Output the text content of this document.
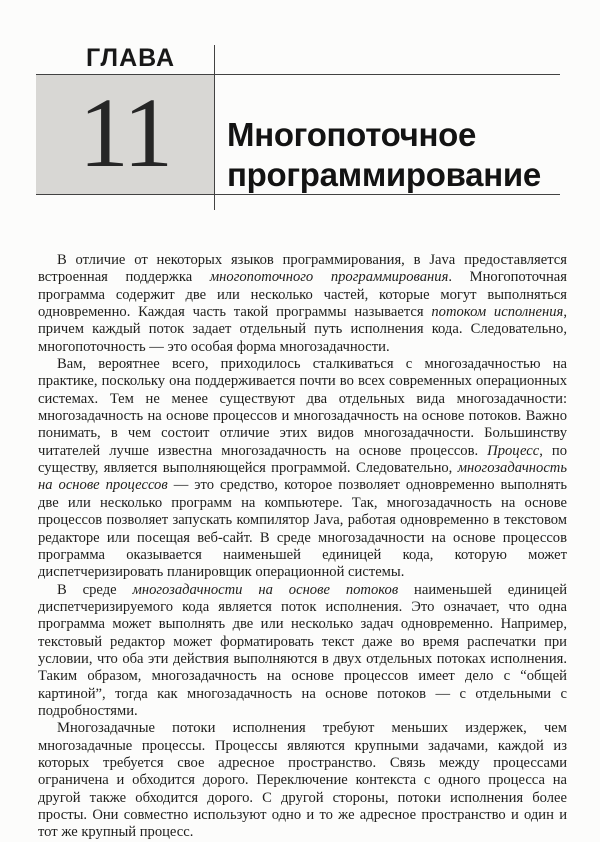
ГЛАВА
11 Многопоточное программирование

В отличие от некоторых языков программирования, в Java предоставляется встроенная поддержка многопоточного программирования. Многопоточная программа содержит две или несколько частей, которые могут выполняться одновременно. Каждая часть такой программы называется потоком исполнения, причем каждый поток задает отдельный путь исполнения кода. Следовательно, многопоточность — это особая форма многозадачности.

Вам, вероятнее всего, приходилось сталкиваться с многозадачностью на практике, поскольку она поддерживается почти во всех современных операционных системах. Тем не менее существуют два отдельных вида многозадачности: многозадачность на основе процессов и многозадачность на основе потоков. Важно понимать, в чем состоит отличие этих видов многозадачности. Большинству читателей лучше известна многозадачность на основе процессов. Процесс, по существу, является выполняющейся программой. Следовательно, многозадачность на основе процессов — это средство, которое позволяет одновременно выполнять две или несколько программ на компьютере. Так, многозадачность на основе процессов позволяет запускать компилятор Java, работая одновременно в текстовом редакторе или посещая веб-сайт. В среде многозадачности на основе процессов программа оказывается наименьшей единицей кода, которую может диспетчеризировать планировщик операционной системы.

В среде многозадачности на основе потоков наименьшей единицей диспетчеризируемого кода является поток исполнения. Это означает, что одна программа может выполнять две или несколько задач одновременно. Например, текстовый редактор может форматировать текст даже во время распечатки при условии, что оба эти действия выполняются в двух отдельных потоках исполнения. Таким образом, многозадачность на основе процессов имеет дело с “общей картиной”, тогда как многозадачность на основе потоков — с отдельными с подробностями.

Многозадачные потоки исполнения требуют меньших издержек, чем многозадачные процессы. Процессы являются крупными задачами, каждой из которых требуется свое адресное пространство. Связь между процессами ограничена и обходится дорого. Переключение контекста с одного процесса на другой также обходится дорого. С другой стороны, потоки исполнения более просты. Они совместно используют одно и то же адресное пространство и один и тот же крупный процесс.
